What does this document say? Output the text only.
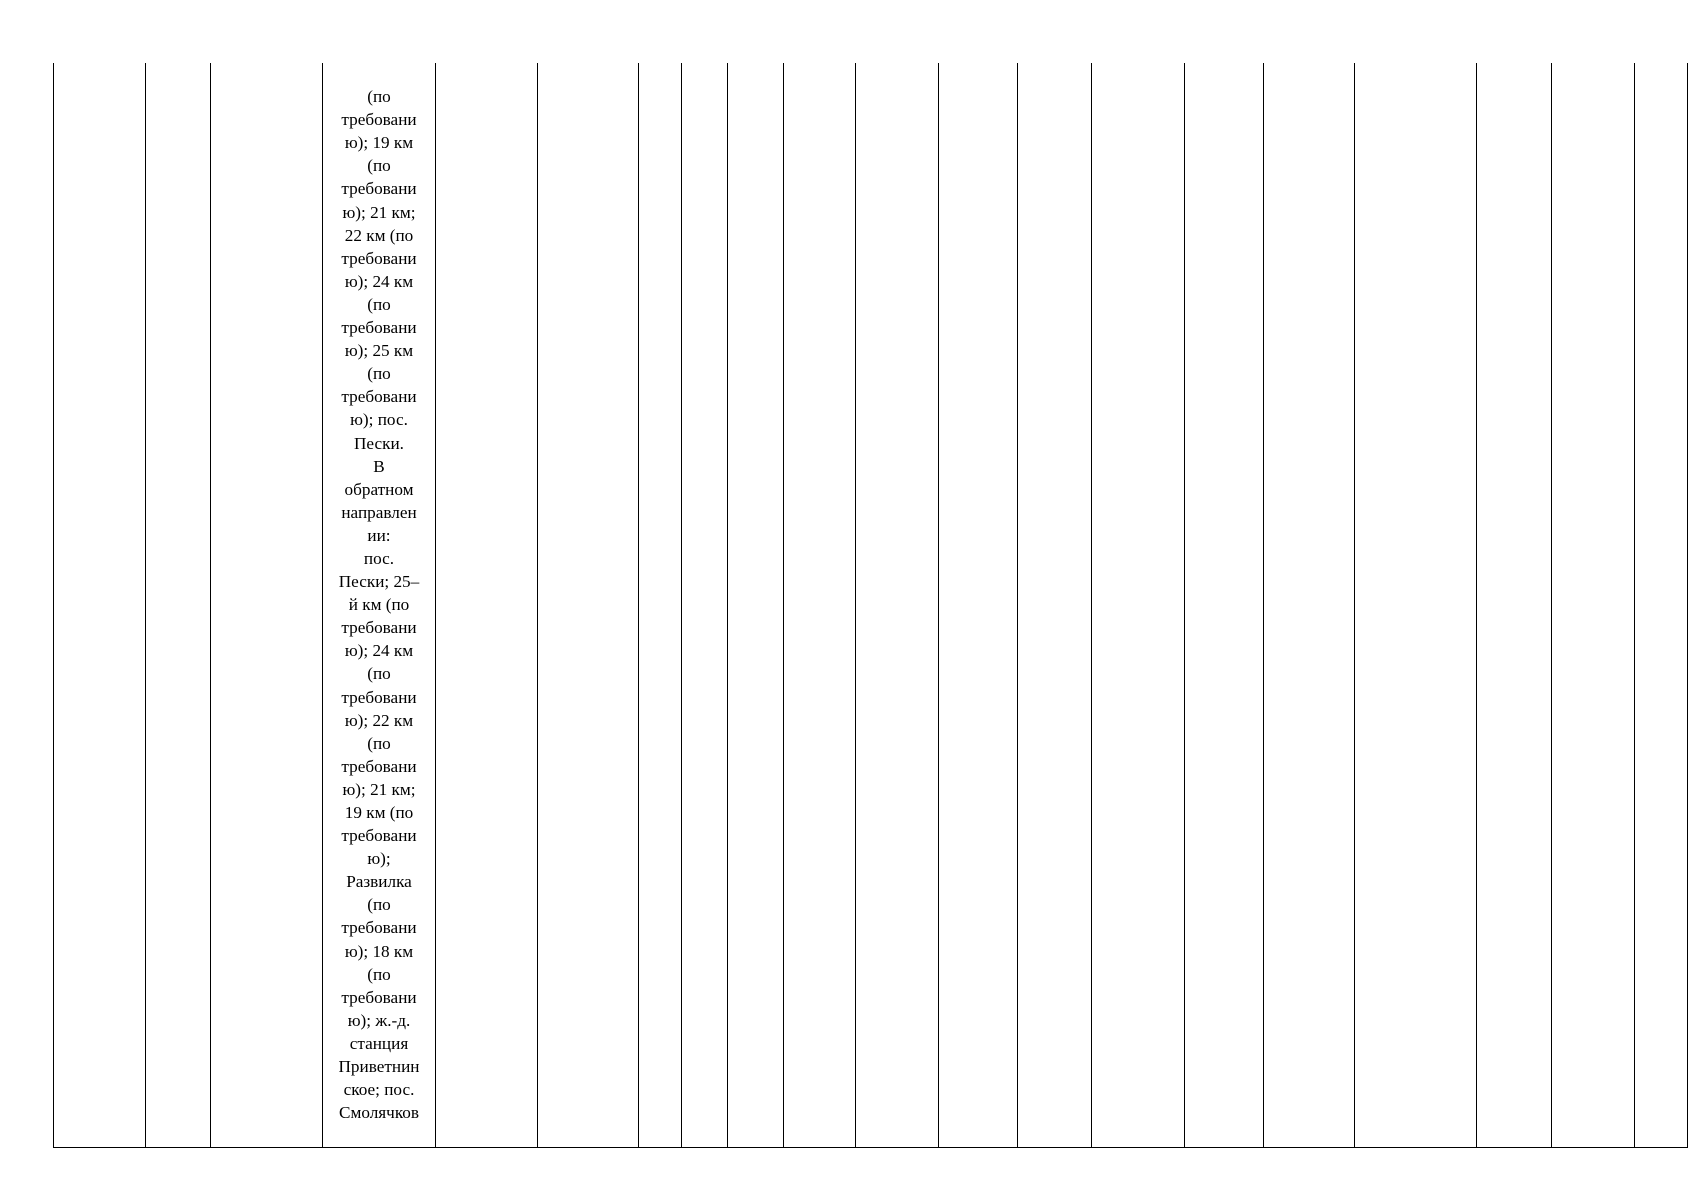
(по
требовани
ю); 19 км
(по
требовани
ю); 21 км;
22 км (по
требовани
ю); 24 км
(по
требовани
ю); 25 км
(по
требовани
ю); пос.
Пески.
В
обратном
направлен
ии:
пос.
Пески; 25–
й км (по
требовани
ю); 24 км
(по
требовани
ю); 22 км
(по
требовани
ю); 21 км;
19 км (по
требовани
ю);
Развилка
(по
требовани
ю); 18 км
(по
требовани
ю); ж.-д.
станция
Приветнин
ское; пос.
Смолячков
